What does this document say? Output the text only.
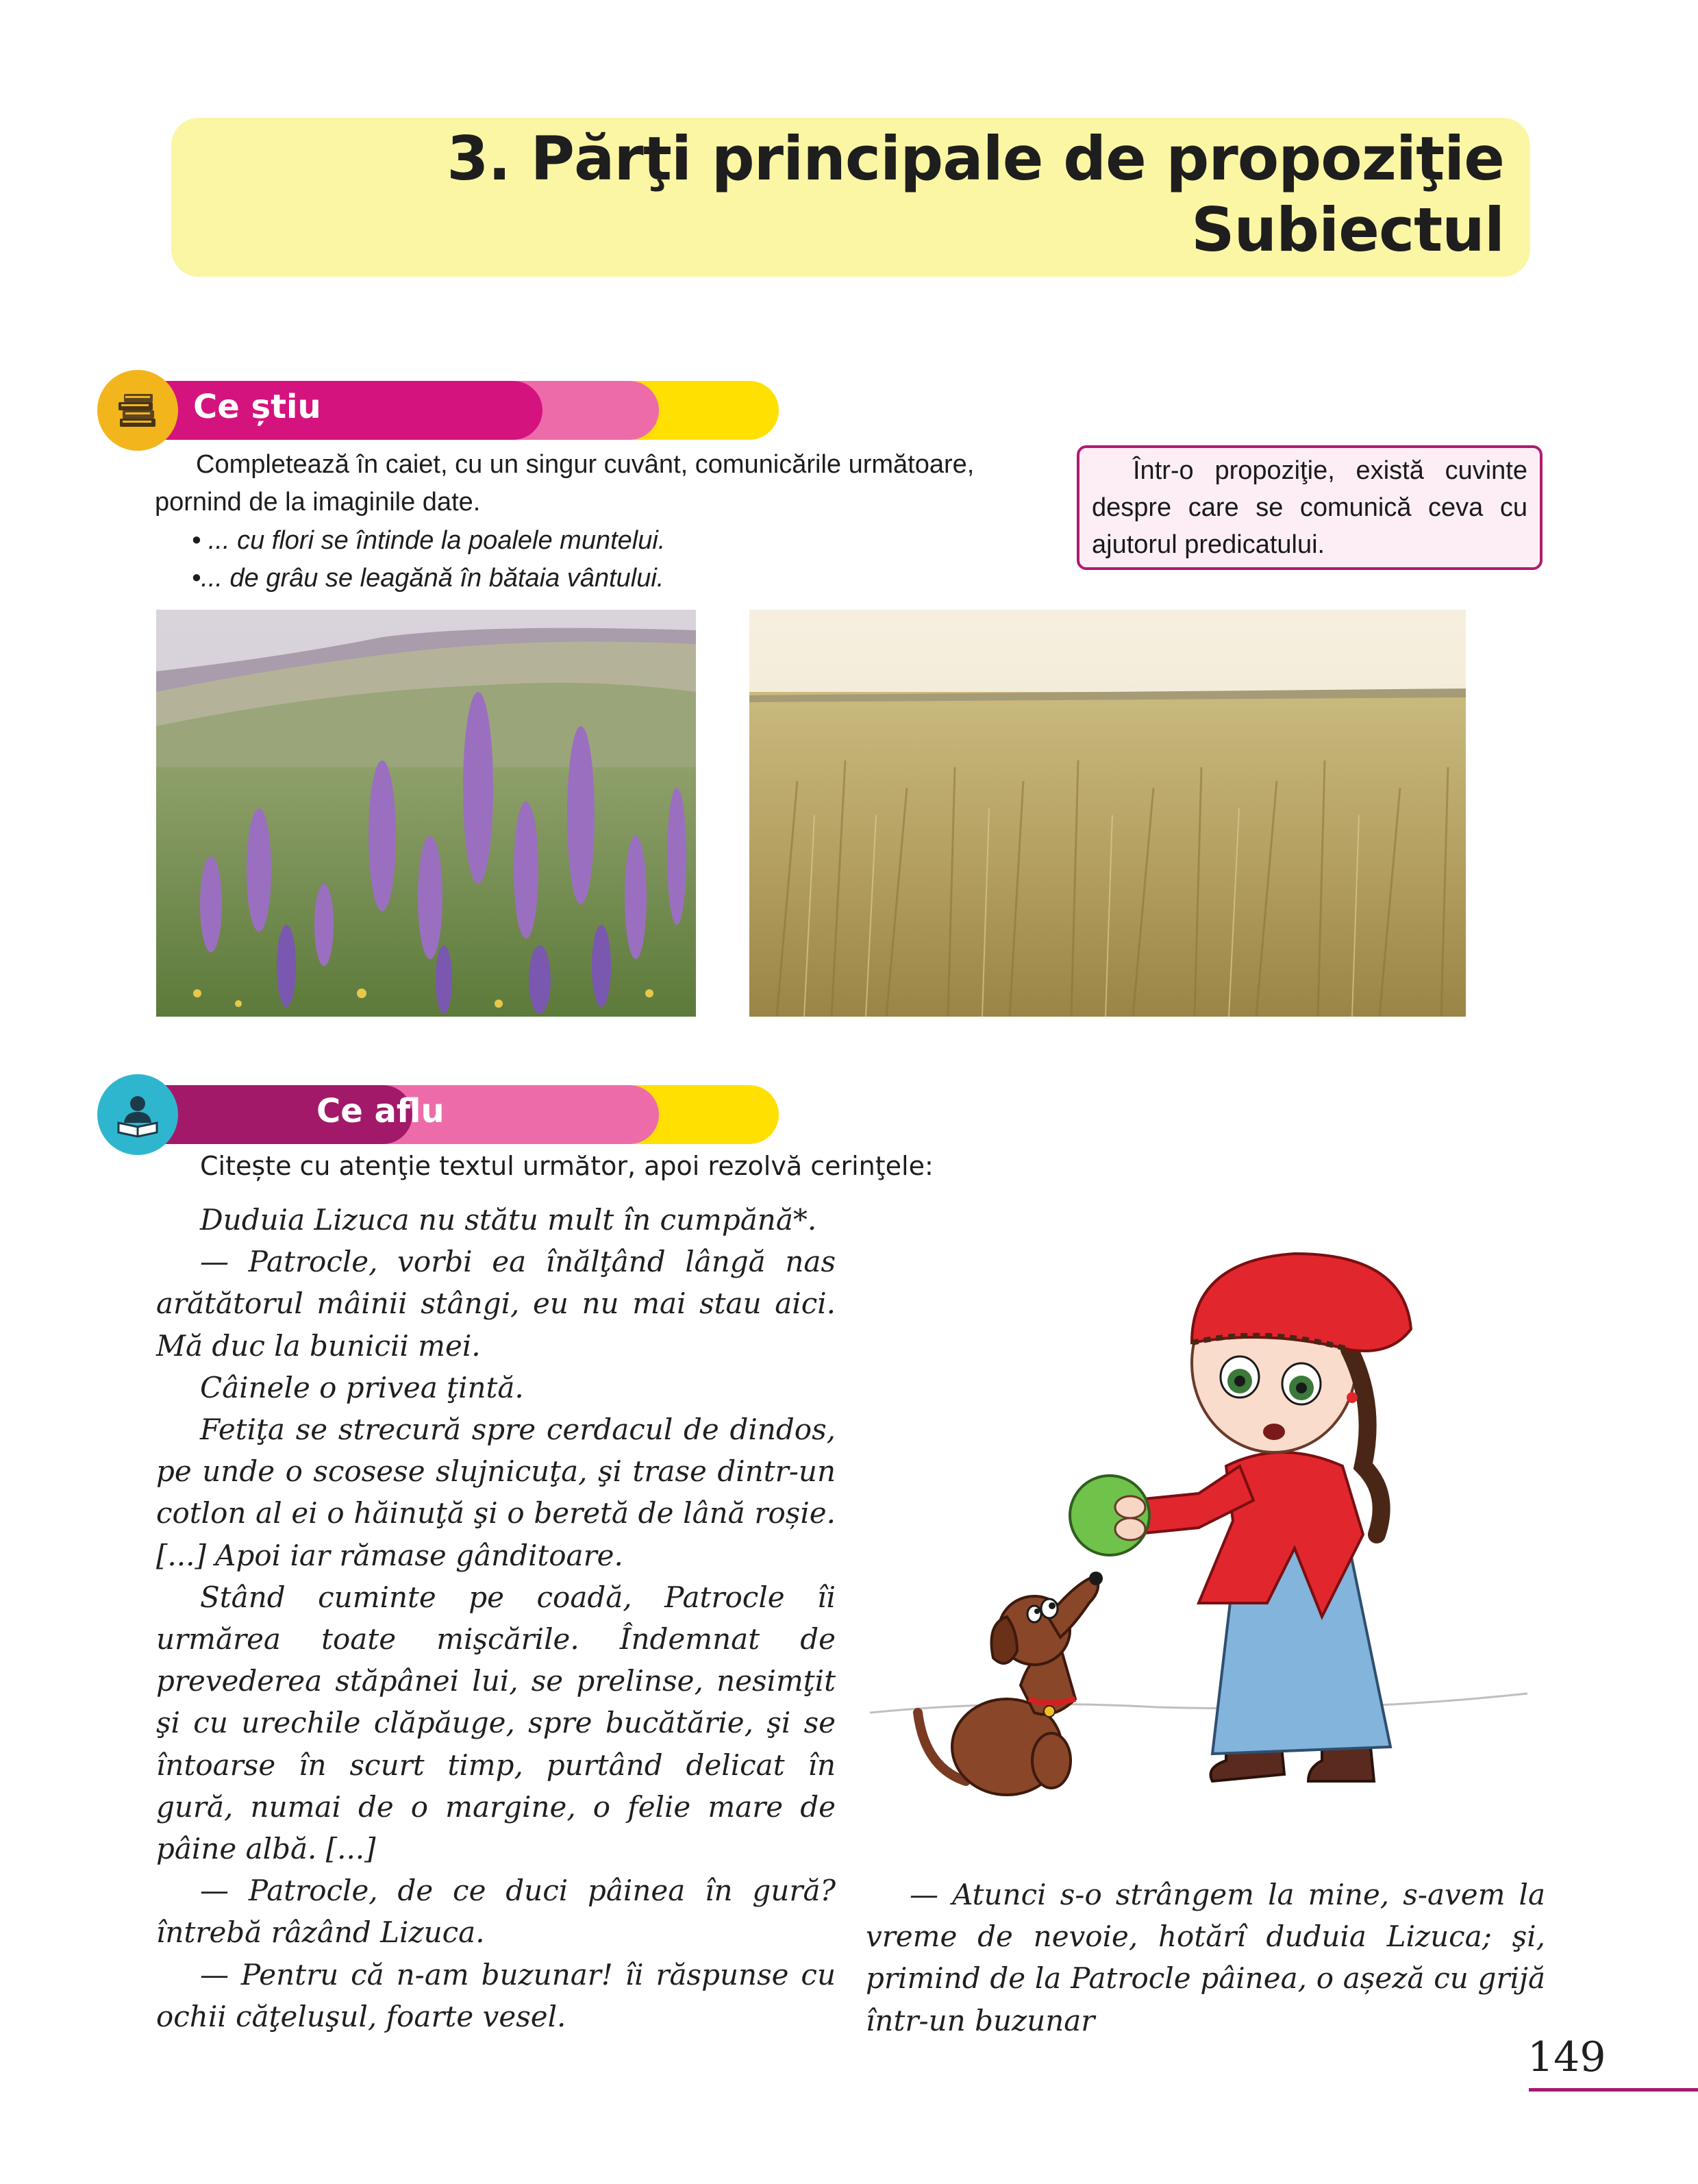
3. Părţi principale de propoziţie
Subiectul
Ce știu
Completează în caiet, cu un singur cuvânt, comunicările următoare, pornind de la imaginile date.
• ... cu flori se întinde la poalele muntelui.
•... de grâu se leagănă în bătaia vântului.

Într-o propoziţie, există cuvinte despre care se comunică ceva cu ajutorul predicatului.

Ce aflu
Citește cu atenţie textul următor, apoi rezolvă cerinţele:

Duduia Lizuca nu stătu mult în cumpănă*.

— Patrocle, vorbi ea înălţând lângă nas arătătorul mâinii stângi, eu nu mai stau aici. Mă duc la bunicii mei.

Câinele o privea ţintă.

Fetiţa se strecură spre cerdacul de dindos, pe unde o scosese slujnicuţa, şi trase dintr-un cotlon al ei o hăinuţă şi o beretă de lână roșie. [...] Apoi iar rămase gânditoare.

Stând cuminte pe coadă, Patrocle îi urmărea toate mişcările. Îndemnat de prevederea stăpânei lui, se prelinse, nesimţit şi cu urechile clăpăuge, spre bucătărie, şi se întoarse în scurt timp, purtând delicat în gură, numai de o margine, o felie mare de pâine albă. [...]

— Patrocle, de ce duci pâinea în gură? întrebă râzând Lizuca.

— Pentru că n-am buzunar! îi răspunse cu ochii căţeluşul, foarte vesel.

— Atunci s-o strângem la mine, s-avem la vreme de nevoie, hotărî duduia Lizuca; şi, primind de la Patrocle pâinea, o așeză cu grijă într-un buzunar

149
